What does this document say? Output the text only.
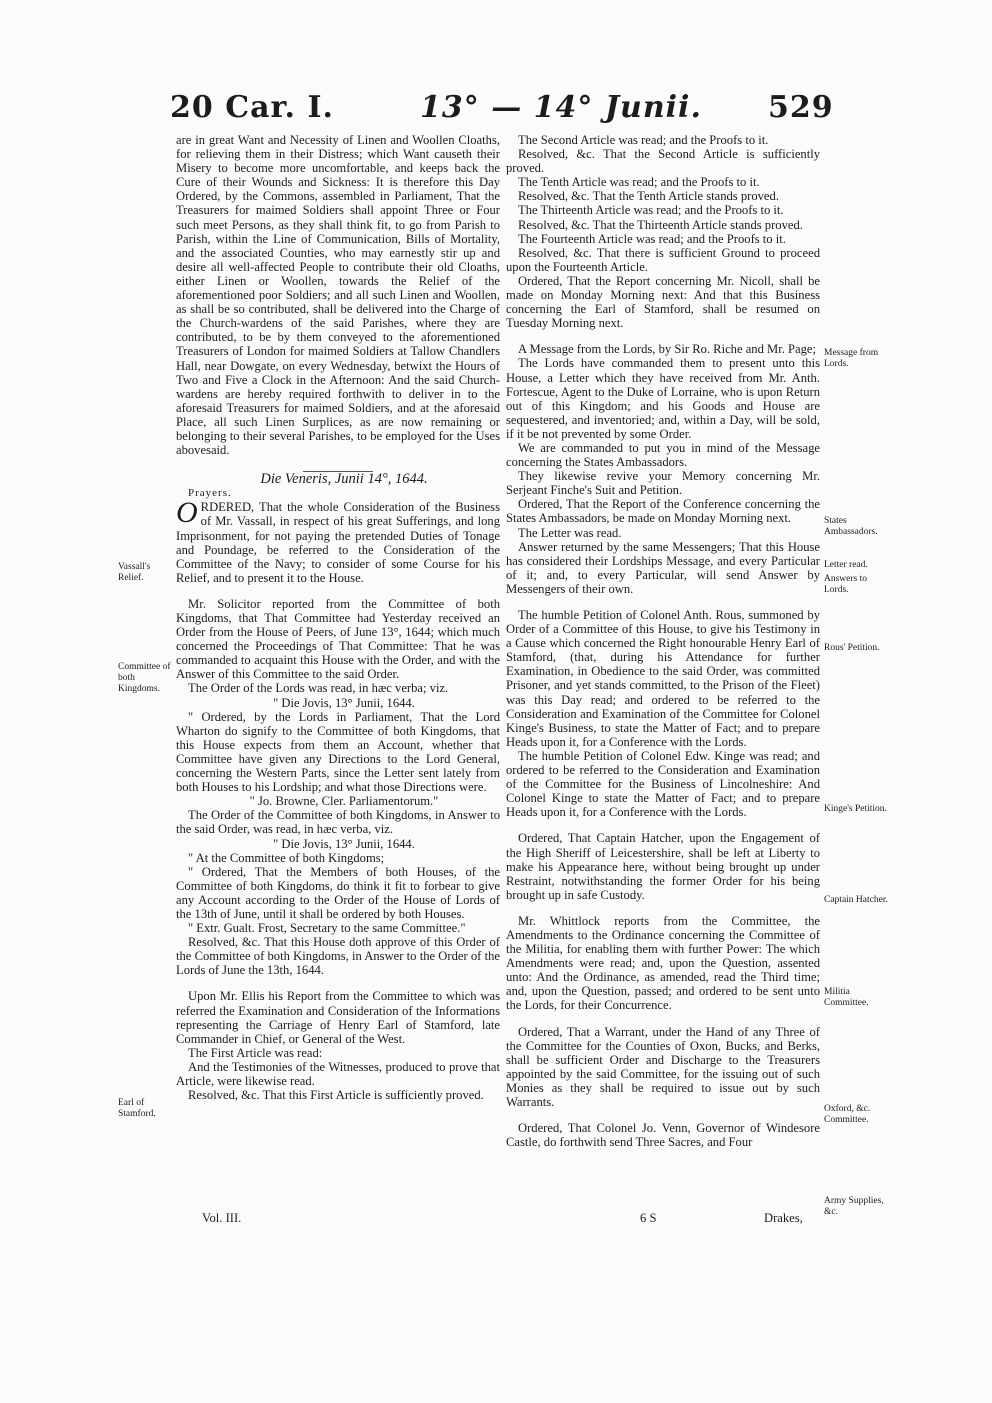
20 Car. I.	13° — 14° Junii. 529

are in great Want and Necessity of Linen and Woollen Cloaths, for relieving them in their Distress; which Want causeth their Misery to become more uncomfortable, and keeps back the Cure of their Wounds and Sickness: It is therefore this Day Ordered, by the Commons, assembled in Parliament, That the Treasurers for maimed Soldiers shall appoint Three or Four such meet Persons, as they shall think fit, to go from Parish to Parish, within the Line of Communication, Bills of Mortality, and the associated Counties, who may earnestly stir up and desire all well-affected People to contribute their old Cloaths, either Linen or Woollen, towards the Relief of the aforementioned poor Soldiers; and all such Linen and Woollen, as shall be so contributed, shall be delivered into the Charge of the Church-wardens of the said Parishes, where they are contributed, to be by them conveyed to the aforementioned Treasurers of London for maimed Soldiers at Tallow Chandlers Hall, near Dowgate, on every Wednesday, betwixt the Hours of Two and Five a Clock in the Afternoon: And the said Church-wardens are hereby required forthwith to deliver in to the aforesaid Treasurers for maimed Soldiers, and at the aforesaid Place, all such Linen Surplices, as are now remaining or belonging to their several Parishes, to be employed for the Uses abovesaid.

Die Veneris, Junii 14°, 1644.

Prayers.

ORDERED, That the whole Consideration of the Business of Mr. Vassall, in respect of his great Sufferings, and long Imprisonment, for not paying the pretended Duties of Tonage and Poundage, be referred to the Consideration of the Committee of the Navy; to consider of some Course for his Relief, and to present it to the House.

Mr. Solicitor reported from the Committee of both Kingdoms, that That Committee had Yesterday received an Order from the House of Peers, of June 13°, 1644; which much concerned the Proceedings of That Committee: That he was commanded to acquaint this House with the Order, and with the Answer of this Committee to the said Order.

The Order of the Lords was read, in hæc verba; viz.

" Die Jovis, 13° Junii, 1644.

" Ordered, by the Lords in Parliament, That the Lord Wharton do signify to the Committee of both Kingdoms, that this House expects from them an Account, whether that Committee have given any Directions to the Lord General, concerning the Western Parts, since the Letter sent lately from both Houses to his Lordship; and what those Directions were.

" Jo. Browne, Cler. Parliamentorum."

The Order of the Committee of both Kingdoms, in Answer to the said Order, was read, in hæc verba, viz.

" Die Jovis, 13° Junii, 1644.

" At the Committee of both Kingdoms;

" Ordered, That the Members of both Houses, of the Committee of both Kingdoms, do think it fit to forbear to give any Account according to the Order of the House of Lords of the 13th of June, until it shall be ordered by both Houses.

" Extr. Gualt. Frost, Secretary to the same Committee."

Resolved, &c. That this House doth approve of this Order of the Committee of both Kingdoms, in Answer to the Order of the Lords of June the 13th, 1644.

Upon Mr. Ellis his Report from the Committee to which was referred the Examination and Consideration of the Informations representing the Carriage of Henry Earl of Stamford, late Commander in Chief, or General of the West.

The First Article was read:

And the Testimonies of the Witnesses, produced to prove that Article, were likewise read.

Resolved, &c. That this First Article is sufficiently proved.

The Second Article was read; and the Proofs to it.

Resolved, &c. That the Second Article is sufficiently proved.

The Tenth Article was read; and the Proofs to it.

Resolved, &c. That the Tenth Article stands proved.

The Thirteenth Article was read; and the Proofs to it.

Resolved, &c. That the Thirteenth Article stands proved.

The Fourteenth Article was read; and the Proofs to it.

Resolved, &c. That there is sufficient Ground to proceed upon the Fourteenth Article.

Ordered, That the Report concerning Mr. Nicoll, shall be made on Monday Morning next: And that this Business concerning the Earl of Stamford, shall be resumed on Tuesday Morning next.

A Message from the Lords, by Sir Ro. Riche and Mr. Page;

The Lords have commanded them to present unto this House, a Letter which they have received from Mr. Anth. Fortescue, Agent to the Duke of Lorraine, who is upon Return out of this Kingdom; and his Goods and House are sequestered, and inventoried; and, within a Day, will be sold, if it be not prevented by some Order.

We are commanded to put you in mind of the Message concerning the States Ambassadors.

They likewise revive your Memory concerning Mr. Serjeant Finche's Suit and Petition.

Ordered, That the Report of the Conference concerning the States Ambassadors, be made on Monday Morning next.

The Letter was read.

Answer returned by the same Messengers; That this House has considered their Lordships Message, and every Particular of it; and, to every Particular, will send Answer by Messengers of their own.

The humble Petition of Colonel Anth. Rous, summoned by Order of a Committee of this House, to give his Testimony in a Cause which concerned the Right honourable Henry Earl of Stamford, (that, during his Attendance for further Examination, in Obedience to the said Order, was committed Prisoner, and yet stands committed, to the Prison of the Fleet) was this Day read; and ordered to be referred to the Consideration and Examination of the Committee for Colonel Kinge's Business, to state the Matter of Fact; and to prepare Heads upon it, for a Conference with the Lords.

The humble Petition of Colonel Edw. Kinge was read; and ordered to be referred to the Consideration and Examination of the Committee for the Business of Lincolneshire: And Colonel Kinge to state the Matter of Fact; and to prepare Heads upon it, for a Conference with the Lords.

Ordered, That Captain Hatcher, upon the Engagement of the High Sheriff of Leicestershire, shall be left at Liberty to make his Appearance here, without being brought up under Restraint, notwithstanding the former Order for his being brought up in safe Custody.

Mr. Whittlock reports from the Committee, the Amendments to the Ordinance concerning the Committee of the Militia, for enabling them with further Power: The which Amendments were read; and, upon the Question, assented unto: And the Ordinance, as amended, read the Third time; and, upon the Question, passed; and ordered to be sent unto the Lords, for their Concurrence.

Ordered, That a Warrant, under the Hand of any Three of the Committee for the Counties of Oxon, Bucks, and Berks, shall be sufficient Order and Discharge to the Treasurers appointed by the said Committee, for the issuing out of such Monies as they shall be required to issue out by such Warrants.

Ordered, That Colonel Jo. Venn, Governor of Windesore Castle, do forthwith send Three Sacres, and Four

Vassall's Relief.
Committee of both Kingdoms.
Earl of Stamford.
Message from Lords.
States Ambassadors.
Letter read.
Answers to Lords.
Rous' Petition.
Kinge's Petition.
Captain Hatcher.
Militia Committee.
Oxford, &c. Committee.
Army Supplies, &c.
Vol. III.	6 S	Drakes,
